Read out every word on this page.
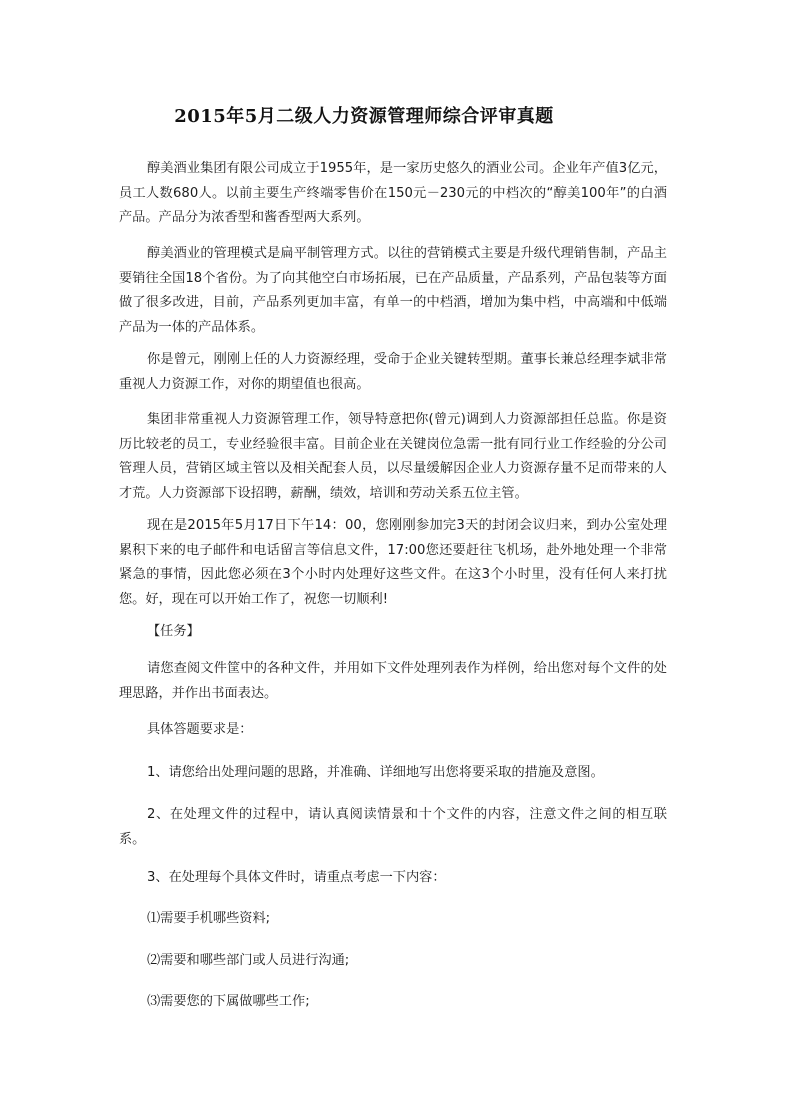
2015年5月二级人力资源管理师综合评审真题
醇美酒业集团有限公司成立于1955年，是一家历史悠久的酒业公司。企业年产值3亿元，员工人数680人。以前主要生产终端零售价在150元－230元的中档次的“醇美100年”的白酒产品。产品分为浓香型和酱香型两大系列。
醇美酒业的管理模式是扁平制管理方式。以往的营销模式主要是升级代理销售制，产品主要销往全国18个省份。为了向其他空白市场拓展，已在产品质量，产品系列，产品包装等方面做了很多改进，目前，产品系列更加丰富，有单一的中档酒，增加为集中档，中高端和中低端产品为一体的产品体系。
你是曾元，刚刚上任的人力资源经理，受命于企业关键转型期。董事长兼总经理李斌非常重视人力资源工作，对你的期望值也很高。
集团非常重视人力资源管理工作，领导特意把你(曾元)调到人力资源部担任总监。你是资历比较老的员工，专业经验很丰富。目前企业在关键岗位急需一批有同行业工作经验的分公司管理人员，营销区域主管以及相关配套人员，以尽量缓解因企业人力资源存量不足而带来的人才荒。人力资源部下设招聘，薪酬，绩效，培训和劳动关系五位主管。
现在是2015年5月17日下午14：00，您刚刚参加完3天的封闭会议归来，到办公室处理累积下来的电子邮件和电话留言等信息文件，17:00您还要赶往飞机场，赴外地处理一个非常紧急的事情，因此您必须在3个小时内处理好这些文件。在这3个小时里，没有任何人来打扰您。好，现在可以开始工作了，祝您一切顺利!
【任务】
请您查阅文件筐中的各种文件，并用如下文件处理列表作为样例，给出您对每个文件的处理思路，并作出书面表达。
具体答题要求是：
1、请您给出处理问题的思路，并准确、详细地写出您将要采取的措施及意图。
2、在处理文件的过程中，请认真阅读情景和十个文件的内容，注意文件之间的相互联系。
3、在处理每个具体文件时，请重点考虑一下内容：
⑴需要手机哪些资料;
⑵需要和哪些部门或人员进行沟通;
⑶需要您的下属做哪些工作;
